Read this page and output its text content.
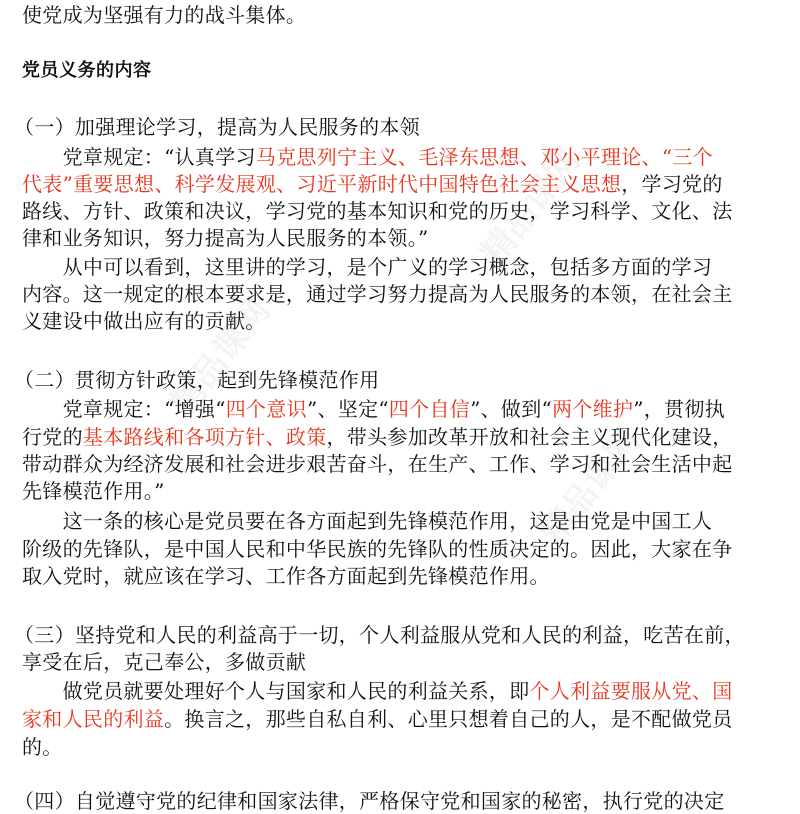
使党成为坚强有力的战斗集体。
党员义务的内容
（一）加强理论学习，提高为人民服务的本领
　　党章规定：“认真学习马克思列宁主义、毛泽东思想、邓小平理论、“三个
代表”重要思想、科学发展观、习近平新时代中国特色社会主义思想，学习党的
路线、方针、政策和决议，学习党的基本知识和党的历史，学习科学、文化、法
律和业务知识，努力提高为人民服务的本领。”
　　从中可以看到，这里讲的学习，是个广义的学习概念，包括多方面的学习
内容。这一规定的根本要求是，通过学习努力提高为人民服务的本领，在社会主
义建设中做出应有的贡献。
（二）贯彻方针政策，起到先锋模范作用
　　党章规定：“增强“四个意识”、坚定“四个自信”、做到“两个维护”，贯彻执
行党的基本路线和各项方针、政策，带头参加改革开放和社会主义现代化建设，
带动群众为经济发展和社会进步艰苦奋斗，在生产、工作、学习和社会生活中起
先锋模范作用。”
　　这一条的核心是党员要在各方面起到先锋模范作用，这是由党是中国工人
阶级的先锋队，是中国人民和中华民族的先锋队的性质决定的。因此，大家在争
取入党时，就应该在学习、工作各方面起到先锋模范作用。
（三）坚持党和人民的利益高于一切，个人利益服从党和人民的利益，吃苦在前，
享受在后，克己奉公，多做贡献
　　做党员就要处理好个人与国家和人民的利益关系，即个人利益要服从党、国
家和人民的利益。换言之，那些自私自利、心里只想着自己的人，是不配做党员
的。
（四）自觉遵守党的纪律和国家法律，严格保守党和国家的秘密，执行党的决定
